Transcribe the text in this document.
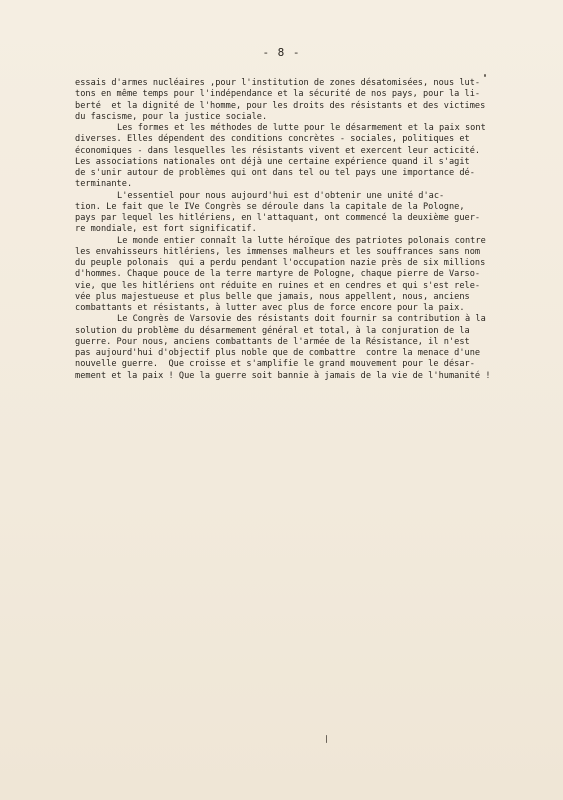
- 8 -
essais d'armes nucléaires ,pour l'institution de zones désatomisées, nous lut-
tons en même temps pour l'indépendance et la sécurité de nos pays, pour la li-
berté  et la dignité de l'homme, pour les droits des résistants et des victimes
du fascisme, pour la justice sociale.
Les formes et les méthodes de lutte pour le désarmement et la paix sont
diverses. Elles dépendent des conditions concrètes - sociales, politiques et
économiques - dans lesquelles les résistants vivent et exercent leur acticité.
Les associations nationales ont déjà une certaine expérience quand il s'agit
de s'unir autour de problèmes qui ont dans tel ou tel pays une importance dé-
terminante.
L'essentiel pour nous aujourd'hui est d'obtenir une unité d'ac-
tion. Le fait que le IVe Congrès se déroule dans la capitale de la Pologne,
pays par lequel les hitlériens, en l'attaquant, ont commencé la deuxième guer-
re mondiale, est fort significatif.
Le monde entier connaît la lutte héroïque des patriotes polonais contre
les envahisseurs hitlériens, les immenses malheurs et les souffrances sans nom
du peuple polonais  qui a perdu pendant l'occupation nazie près de six millions
d'hommes. Chaque pouce de la terre martyre de Pologne, chaque pierre de Varso-
vie, que les hitlériens ont réduite en ruines et en cendres et qui s'est rele-
vée plus majestueuse et plus belle que jamais, nous appellent, nous, anciens
combattants et résistants, à lutter avec plus de force encore pour la paix.
Le Congrès de Varsovie des résistants doit fournir sa contribution à la
solution du problème du désarmement général et total, à la conjuration de la
guerre. Pour nous, anciens combattants de l'armée de la Résistance, il n'est
pas aujourd'hui d'objectif plus noble que de combattre  contre la menace d'une
nouvelle guerre.  Que croisse et s'amplifie le grand mouvement pour le désar-
mement et la paix ! Que la guerre soit bannie à jamais de la vie de l'humanité !
